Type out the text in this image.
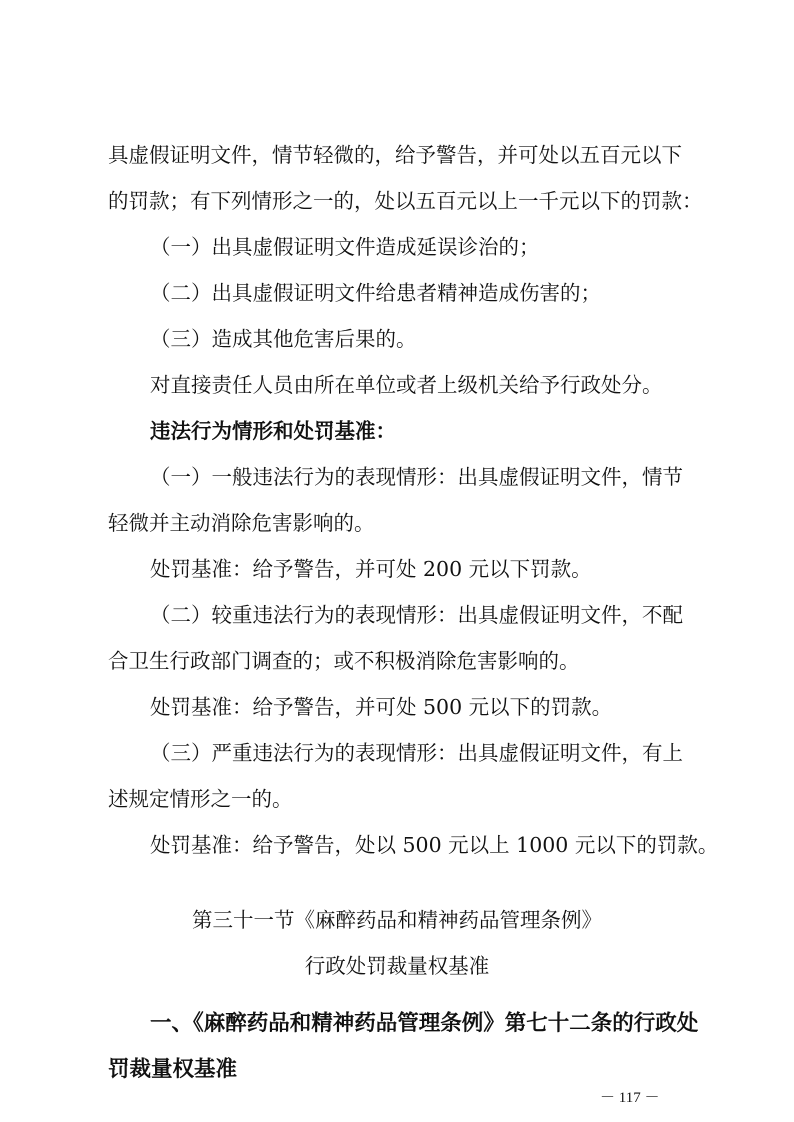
具虚假证明文件，情节轻微的，给予警告，并可处以五百元以下
的罚款；有下列情形之一的，处以五百元以上一千元以下的罚款：
（一）出具虚假证明文件造成延误诊治的；
（二）出具虚假证明文件给患者精神造成伤害的；
（三）造成其他危害后果的。
对直接责任人员由所在单位或者上级机关给予行政处分。
违法行为情形和处罚基准：
（一）一般违法行为的表现情形：出具虚假证明文件，情节
轻微并主动消除危害影响的。
处罚基准：给予警告，并可处 200 元以下罚款。
（二）较重违法行为的表现情形：出具虚假证明文件，不配
合卫生行政部门调查的；或不积极消除危害影响的。
处罚基准：给予警告，并可处 500 元以下的罚款。
（三）严重违法行为的表现情形：出具虚假证明文件，有上
述规定情形之一的。
处罚基准：给予警告，处以 500 元以上 1000 元以下的罚款。
第三十一节《麻醉药品和精神药品管理条例》
行政处罚裁量权基准
一、《麻醉药品和精神药品管理条例》第七十二条的行政处
罚裁量权基准
－ 117 －
